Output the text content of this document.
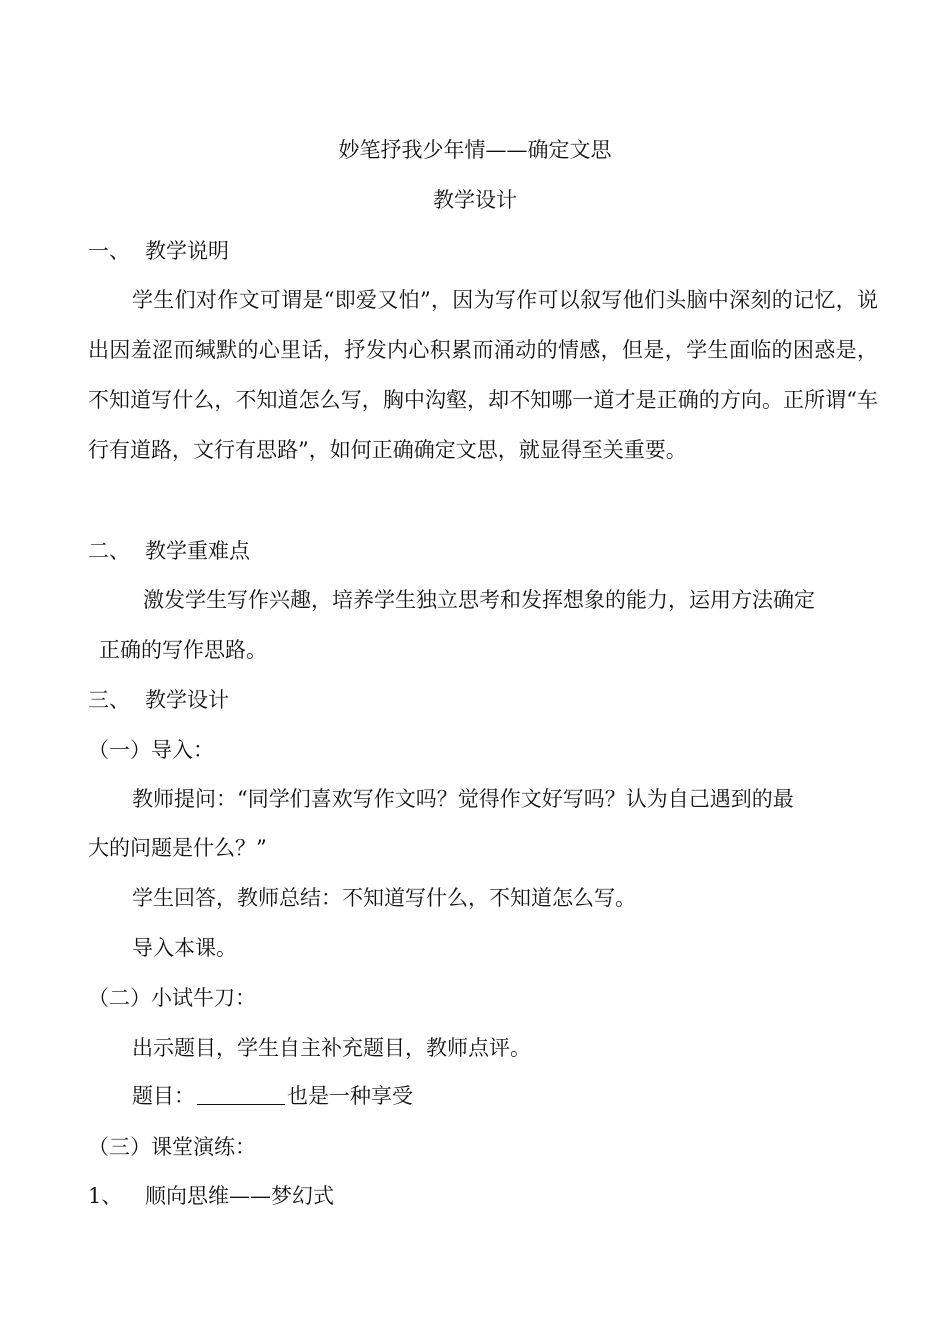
妙笔抒我少年情——确定文思
教学设计
一、 教学说明
学生们对作文可谓是“即爱又怕”，因为写作可以叙写他们头脑中深刻的记忆，说出因羞涩而缄默的心里话，抒发内心积累而涌动的情感，但是，学生面临的困惑是，不知道写什么，不知道怎么写，胸中沟壑，却不知哪一道才是正确的方向。正所谓“车行有道路，文行有思路”，如何正确确定文思，就显得至关重要。
二、 教学重难点
激发学生写作兴趣，培养学生独立思考和发挥想象的能力，运用方法确定
正确的写作思路。
三、 教学设计
（一）导入：
教师提问：“同学们喜欢写作文吗？觉得作文好写吗？认为自己遇到的最
大的问题是什么？”
学生回答，教师总结：不知道写什么，不知道怎么写。
导入本课。
（二）小试牛刀：
出示题目，学生自主补充题目，教师点评。
题目：	也是一种享受
（三）课堂演练：
1、 顺向思维——梦幻式
